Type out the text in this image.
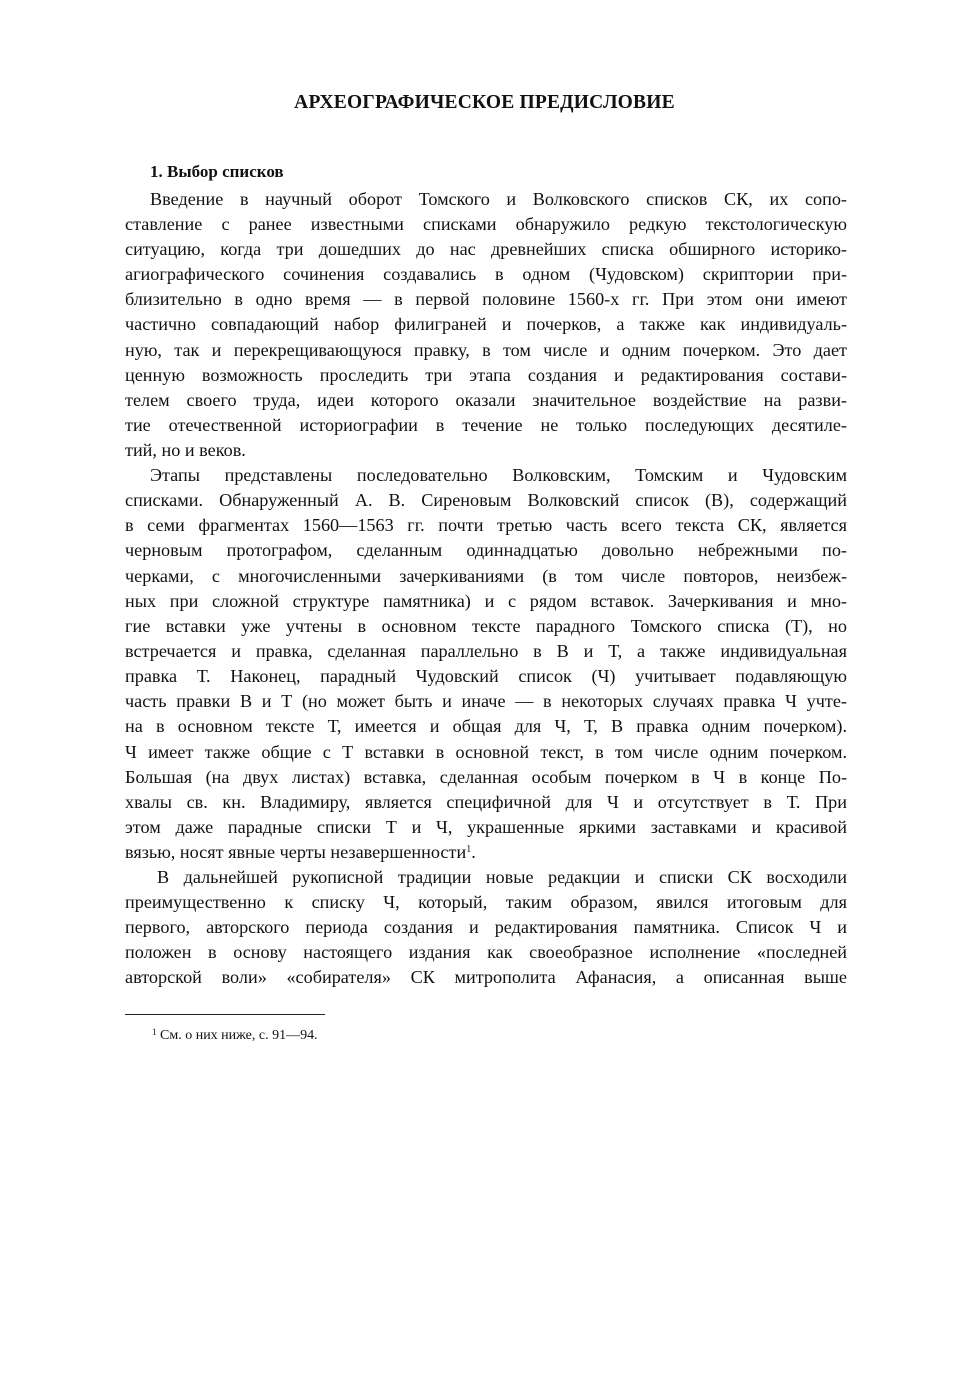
АРХЕОГРАФИЧЕСКОЕ ПРЕДИСЛОВИЕ
1. Выбор списков
Введение в научный оборот Томского и Волковского списков СК, их сопо-
ставление с ранее известными списками обнаружило редкую текстологическую
ситуацию, когда три дошедших до нас древнейших списка обширного историко-
агиографического сочинения создавались в одном (Чудовском) скриптории при-
близительно в одно время — в первой половине 1560-х гг. При этом они имеют
частично совпадающий набор филиграней и почерков, а также как индивидуаль-
ную, так и перекрещивающуюся правку, в том числе и одним почерком. Это дает
ценную возможность проследить три этапа создания и редактирования состави-
телем своего труда, идеи которого оказали значительное воздействие на разви-
тие отечественной историографии в течение не только последующих десятиле-
тий, но и веков.
Этапы представлены последовательно Волковским, Томским и Чудовским
списками. Обнаруженный А. В. Сиреновым Волковский список (В), содержащий
в семи фрагментах 1560—1563 гг. почти третью часть всего текста СК, является
черновым протографом, сделанным одиннадцатью довольно небрежными по-
черками, с многочисленными зачеркиваниями (в том числе повторов, неизбеж-
ных при сложной структуре памятника) и с рядом вставок. Зачеркивания и мно-
гие вставки уже учтены в основном тексте парадного Томского списка (Т), но
встречается и правка, сделанная параллельно в В и Т, а также индивидуальная
правка Т. Наконец, парадный Чудовский список (Ч) учитывает подавляющую
часть правки В и Т (но может быть и иначе — в некоторых случаях правка Ч учте-
на в основном тексте Т, имеется и общая для Ч, Т, В правка одним почерком).
Ч имеет также общие с Т вставки в основной текст, в том числе одним почерком.
Большая (на двух листах) вставка, сделанная особым почерком в Ч в конце По-
хвалы св. кн. Владимиру, является специфичной для Ч и отсутствует в Т. При
этом даже парадные списки Т и Ч, украшенные яркими заставками и красивой
вязью, носят явные черты незавершенности$^1$.
В дальнейшей рукописной традиции новые редакции и списки СК восходили
преимущественно к списку Ч, который, таким образом, явился итоговым для
первого, авторского периода создания и редактирования памятника. Список Ч и
положен в основу настоящего издания как своеобразное исполнение «последней
авторской воли» «собирателя» СК митрополита Афанасия, а описанная выше
$^1$ См. о них ниже, с. 91—94.
